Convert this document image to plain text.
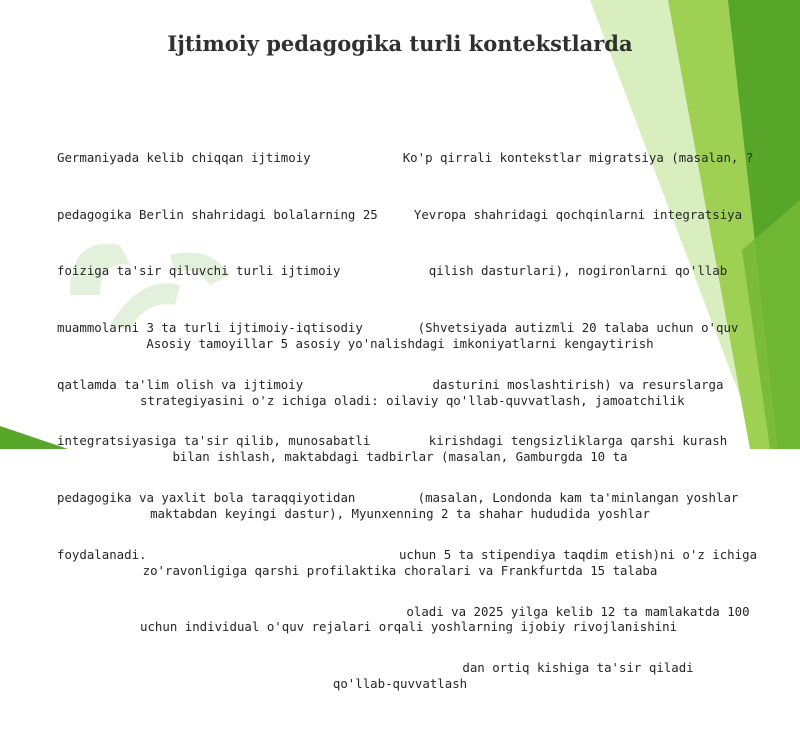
Ijtimoiy pedagogika turli kontekstlarda

Germaniyada kelib chiqqan ijtimoiy

pedagogika Berlin shahridagi bolalarning 25

foiziga ta'sir qiluvchi turli ijtimoiy

muammolarni 3 ta turli ijtimoiy-iqtisodiy

qatlamda ta'lim olish va ijtimoiy

integratsiyasiga ta'sir qilib, munosabatli

pedagogika va yaxlit bola taraqqiyotidan

foydalanadi.

Ko'p qirrali kontekstlar migratsiya (masalan, ?

Yevropa shahridagi qochqinlarni integratsiya

qilish dasturlari), nogironlarni qo'llab

(Shvetsiyada autizmli 20 talaba uchun o'quv

dasturini moslashtirish) va resurslarga

kirishdagi tengsizliklarga qarshi kurash

(masalan, Londonda kam ta'minlangan yoshlar

uchun 5 ta stipendiya taqdim etish)ni o'z ichiga

oladi va 2025 yilga kelib 12 ta mamlakatda 100

dan ortiq kishiga ta'sir qiladi

Asosiy tamoyillar 5 asosiy yo'nalishdagi imkoniyatlarni kengaytirish

strategiyasini o'z ichiga oladi: oilaviy qo'llab-quvvatlash, jamoatchilik

bilan ishlash, maktabdagi tadbirlar (masalan, Gamburgda 10 ta

maktabdan keyingi dastur), Myunxenning 2 ta shahar hududida yoshlar

zo'ravonligiga qarshi profilaktika choralari va Frankfurtda 15 talaba

uchun individual o'quv rejalari orqali yoshlarning ijobiy rivojlanishini

qo'llab-quvvatlash
